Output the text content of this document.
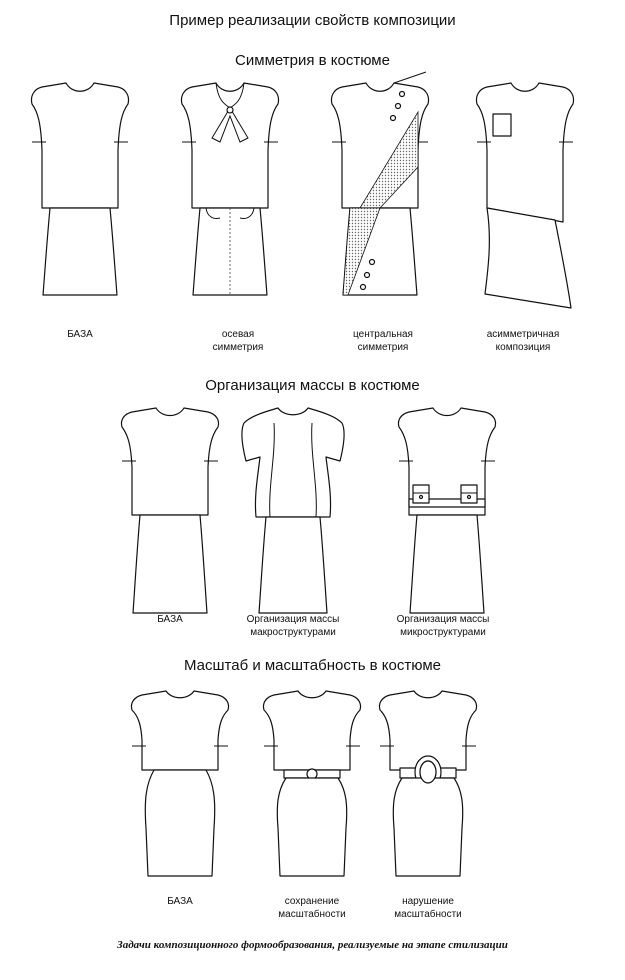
Пример реализации свойств композиции
Симметрия в костюме
БАЗА	осевая
симметрия
центральная
симметрия
асимметричная
композиция
Организация массы в костюме
БАЗА	Организация массы
макроструктурами
Организация массы
микроструктурами
Масштаб и масштабность в костюме
БАЗА	сохранение
масштабности
нарушение
масштабности
Задачи композиционного формообразования, реализуемые на этапе стилизации
